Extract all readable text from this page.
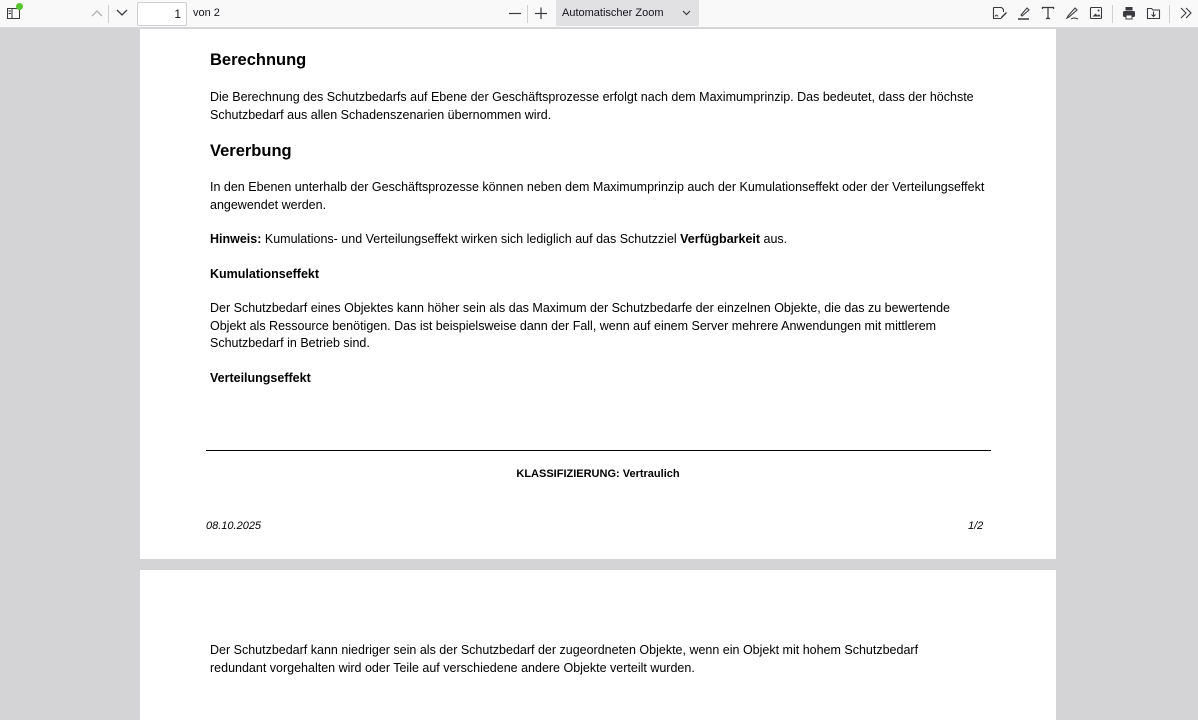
1
von 2	Automatischer Zoom
Berechnung

Die Berechnung des Schutzbedarfs auf Ebene der Geschäftsprozesse erfolgt nach dem Maximumprinzip. Das bedeutet, dass der höchste Schutzbedarf aus allen Schadenszenarien übernommen wird.

Vererbung

In den Ebenen unterhalb der Geschäftsprozesse können neben dem Maximumprinzip auch der Kumulationseffekt oder der Verteilungseffekt angewendet werden.

Hinweis: Kumulations- und Verteilungseffekt wirken sich lediglich auf das Schutzziel Verfügbarkeit aus.

Kumulationseffekt

Der Schutzbedarf eines Objektes kann höher sein als das Maximum der Schutzbedarfe der einzelnen Objekte, die das zu bewertende Objekt als Ressource benötigen. Das ist beispielsweise dann der Fall, wenn auf einem Server mehrere Anwendungen mit mittlerem Schutzbedarf in Betrieb sind.

Verteilungseffekt
KLASSIFIZIERUNG: Vertraulich
08.10.2025	1/2

Der Schutzbedarf kann niedriger sein als der Schutzbedarf der zugeordneten Objekte, wenn ein Objekt mit hohem Schutzbedarf redundant vorgehalten wird oder Teile auf verschiedene andere Objekte verteilt wurden.
